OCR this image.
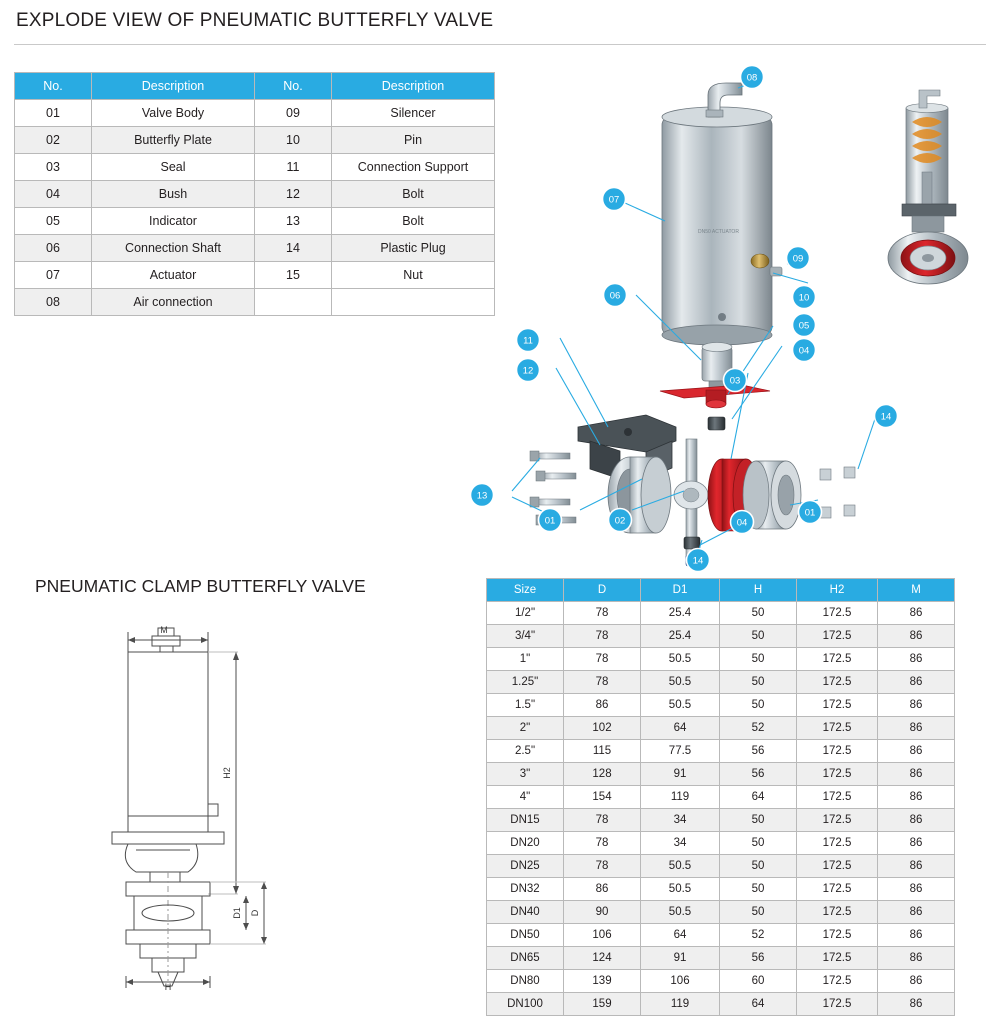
EXPLODE VIEW OF PNEUMATIC BUTTERFLY VALVE
No.	Description	No.	Description
01	Valve Body	09	Silencer
02	Butterfly Plate	10	Pin
03	Seal	11	Connection Support
04	Bush	12	Bolt
05	Indicator	13	Bolt
06	Connection Shaft	14	Plastic Plug
07	Actuator	15	Nut
08	Air connection		
DN50 ACTUATOR
08
07
09
10
06
05
04
11
12
03
14
13
01	02	04
01
14
PNEUMATIC CLAMP BUTTERFLY VALVE
M
H2
D1 D
H
Size	D	D1	H	H2	M
1/2"	78	25.4	50	172.5	86
3/4"	78	25.4	50	172.5	86
1"	78	50.5	50	172.5	86
1.25"	78	50.5	50	172.5	86
1.5"	86	50.5	50	172.5	86
2"	102	64	52	172.5	86
2.5"	115	77.5	56	172.5	86
3"	128	91	56	172.5	86
4"	154	119	64	172.5	86
DN15	78	34	50	172.5	86
DN20	78	34	50	172.5	86
DN25	78	50.5	50	172.5	86
DN32	86	50.5	50	172.5	86
DN40	90	50.5	50	172.5	86
DN50	106	64	52	172.5	86
DN65	124	91	56	172.5	86
DN80	139	106	60	172.5	86
DN100	159	119	64	172.5	86
